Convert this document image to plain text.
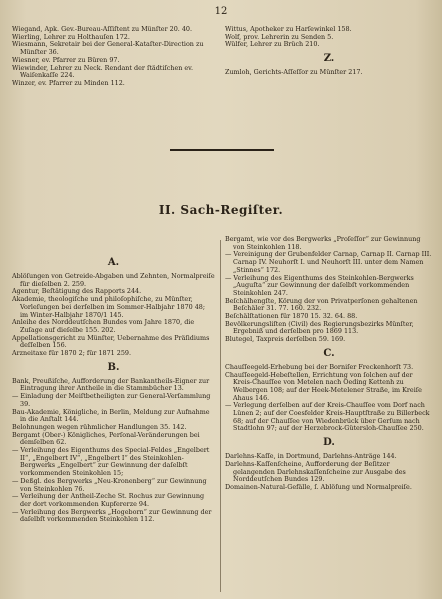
12

Wiegand, Apk. Gev.-Bureau-Aſſiſtent zu Münſter 20. 40.

Wierling, Lehrer zu Holthauſen 172.

Wiesmann, Sekretair bei der General-Kataſter-Direction zu Münſter 36.

Wiesner, ev. Pfarrer zu Büren 97.

Wiewinder, Lehrer zu Neck. Rendant der ſtädtiſchen ev. Waiſenkaſſe 224.

Winzer, ev. Pfarrer zu Minden 112.

Wittus, Apotheker zu Harſewinkel 158.

Wolf, prov. Lehrerin zu Senden 5.

Wülfer, Lehrer zu Brüch 210.

Z.

Zumloh, Gerichts-Aſſeſſor zu Münſter 217.

II. Sach-Regiſter.
A.

Ablöſungen von Getreide-Abgaben und Zehnten, Normalpreiſe für dieſelben 2. 259.

Agentur, Beſtätigung des Rapports 244.

Akademie, theologiſche und philoſophiſche, zu Münſter, Vorleſungen bei derſelben im Sommer-Halbjahr 1870 48; im Winter-Halbjahr 1870/1 145.

Anleihe des Norddeutſchen Bundes vom Jahre 1870, die Zuſage auf dieſelbe 155. 202.

Appellationsgericht zu Münſter, Uebernahme des Präſidiums deſſelben 156.

Arzneitaxe für 1870 2; für 1871 259.

B.

Bank, Preußiſche, Aufforderung der Bankantheils-Eigner zur Eintragung ihrer Antheile in die Stammbücher 13.

— Einladung der Meiſtbetheiligten zur General-Verſammlung 39.

Bau-Akademie, Königliche, in Berlin, Meldung zur Aufnahme in die Anſtalt 144.

Belohnungen wegen rühmlicher Handlungen 35. 142.

Bergamt (Ober-) Königliches, Perſonal-Veränderungen bei demſelben 62.

— Verleihung des Eigenthums des Special-Feldes „Engelbert II“, „Engelbert IV“, „Engelbert I“ des Steinkohlen-Bergwerks „Engelbert“ zur Gewinnung der daſelbſt vorkommenden Steinkohlen 15;

— Deßgl. des Bergwerks „Neu-Kronenberg“ zur Gewinnung von Steinkohlen 76.

— Verleihung der Antheil-Zeche St. Rochus zur Gewinnung der dort vorkommenden Kupfererze 94.

— Verleihung des Bergwerks „Hogeborn“ zur Gewinnung der daſelbſt vorkommenden Steinkohlen 112.

Bergamt, wie vor des Bergwerks „Proſeſſor“ zur Gewinnung von Steinkohlen 118.

— Vereinigung der Grubenfelder Carnap, Carnap II. Carnap III. Carnap IV. Neuhorſt I. und Neuhorſt III. unter dem Namen „Stinnes“ 172.

— Verleihung des Eigenthums des Steinkohlen-Bergwerks „Auguſta“ zur Gewinnung der daſelbſt vorkommenden Steinkohlen 247.

Beſchälhengſte, Körung der von Privatperſonen gehaltenen Beſchäler 31. 77. 160. 232.

Beſchälſtationen für 1870 15. 32. 64. 88.

Bevölkerungsliſten (Civil) des Regierungsbezirks Münſter, Ergebniß und derſelben pro 1869 113.

Blutegel, Taxpreis derſelben 59. 169.

C.

Chauſſeegeld-Erhebung bei der Borniſer Freckenhorſt 73.

Chauſſeegeld-Hebeſtellen, Errichtung von ſolchen auf der Kreis-Chauſſee von Metelen nach Oeding Kettenh zu Welbergen 108; auf der Heek-Metelener Straße, im Kreiſe Ahaus 146.

— Verlegung derſelben auf der Kreis-Chauſſee vom Dorf nach Lünen 2; auf der Coesfelder Kreis-Hauptſtraße zu Billerbeck 68; auf der Chauſſee von Wiedenbrück über Gerſum nach Stadtlohn 97; auf der Herzebrock-Gütersloh-Chauſſee 250.

D.

Darlehns-Kaſſe, in Dortmund, Darlehns-Anträge 144.

Darlehns-Kaſſenſcheine, Aufforderung der Beſitzer gelangenden Darlehnskaſſenſcheine zur Ausgabe des Norddeutſchen Bundes 129.

Domainen-Natural-Gefälle, ſ. Ablöſung und Normalpreiſe.
